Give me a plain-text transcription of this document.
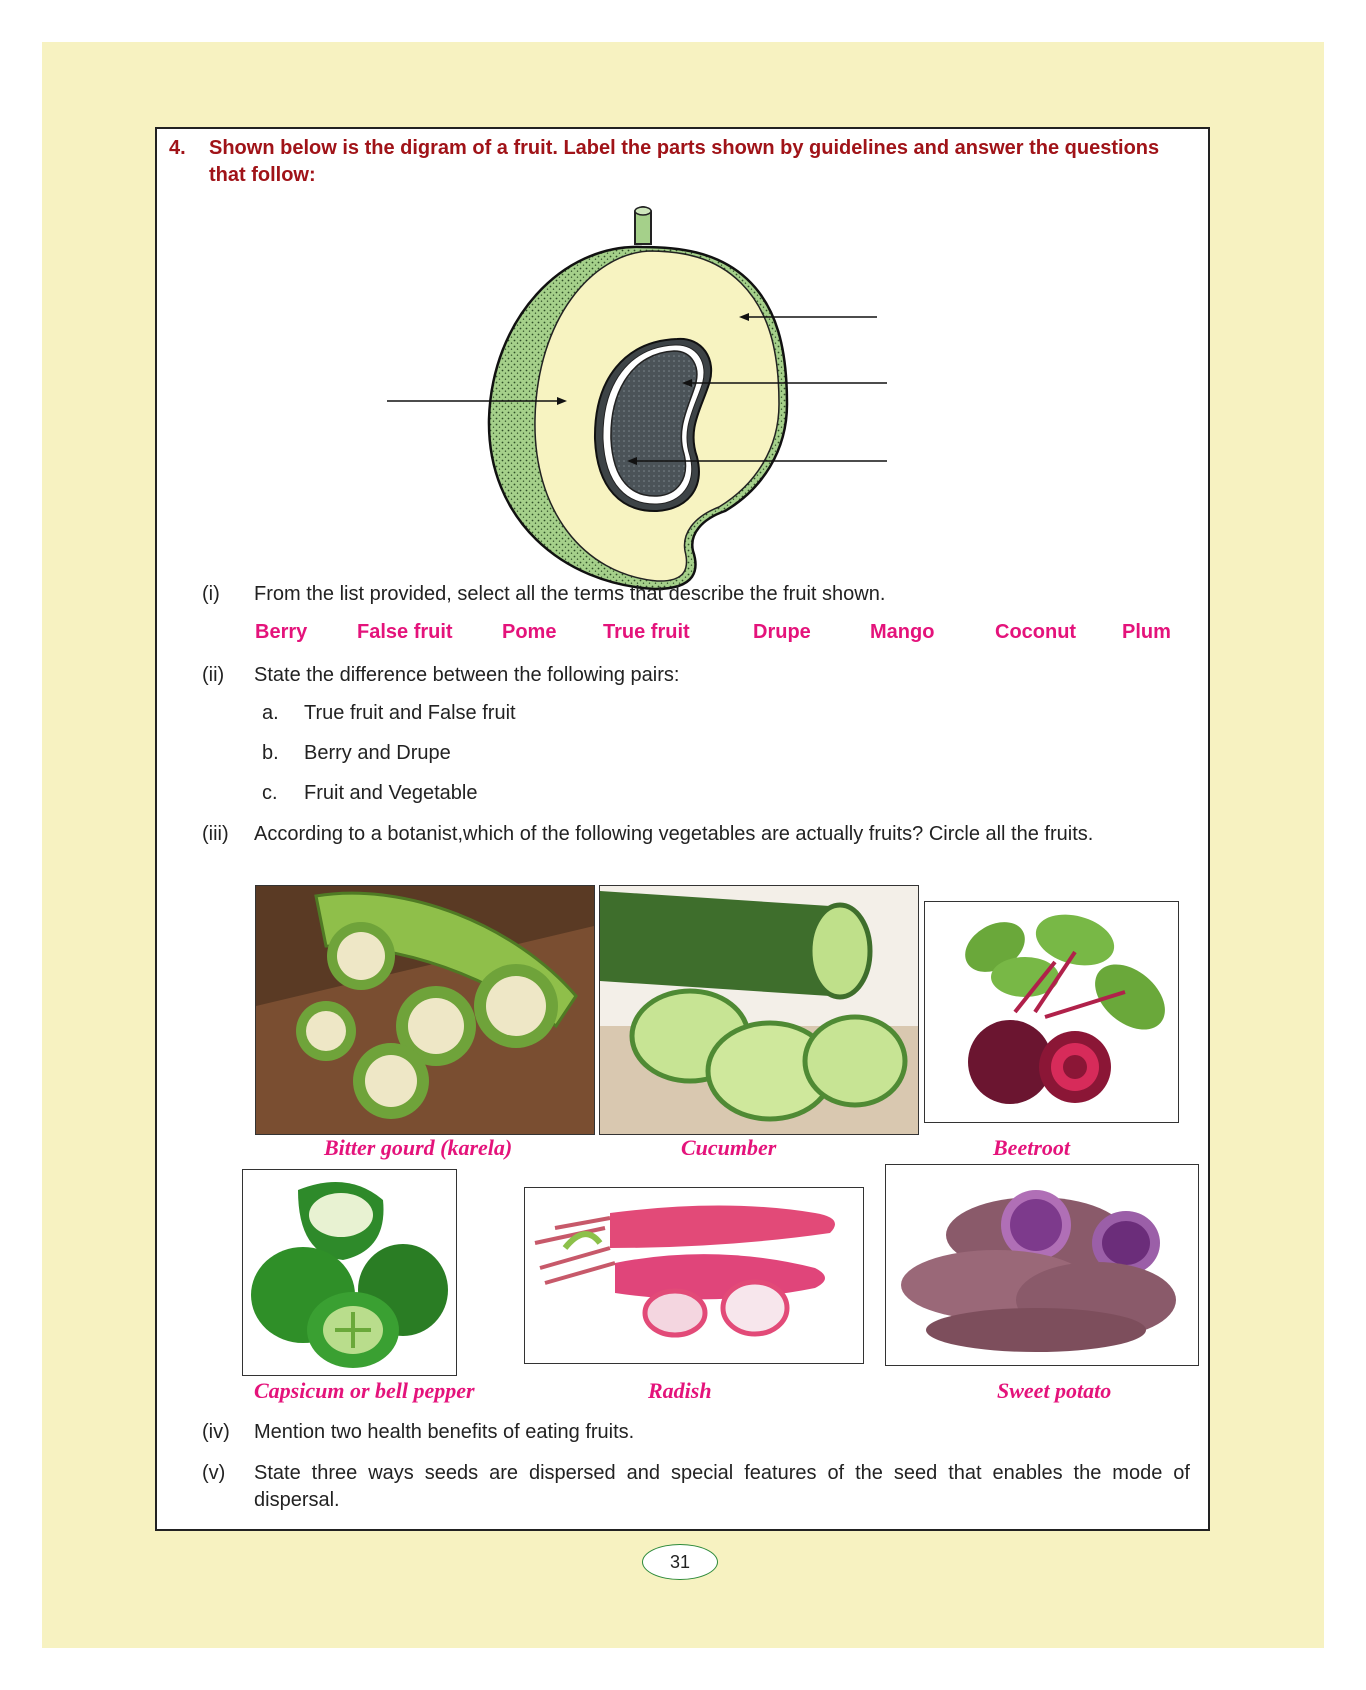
4. Shown below is the digram of a fruit. Label the parts shown by guidelines and answer the questions that follow:
(i) From the list provided, select all the terms that describe the fruit shown.
Berry False fruit Pome True fruit	Drupe	Mango	Coconut Plum
(ii) State the difference between the following pairs:
a. True fruit and False fruit
b. Berry and Drupe
c. Fruit and Vegetable
(iii) According to a botanist,which of the following vegetables are actually fruits? Circle all the fruits.
Bitter gourd (karela)	Cucumber	Beetroot
Capsicum or bell pepper	Radish	Sweet potato
(iv) Mention two health benefits of eating fruits.
(v) State three ways seeds are dispersed and special features of the seed that enables the mode of dispersal.
31
